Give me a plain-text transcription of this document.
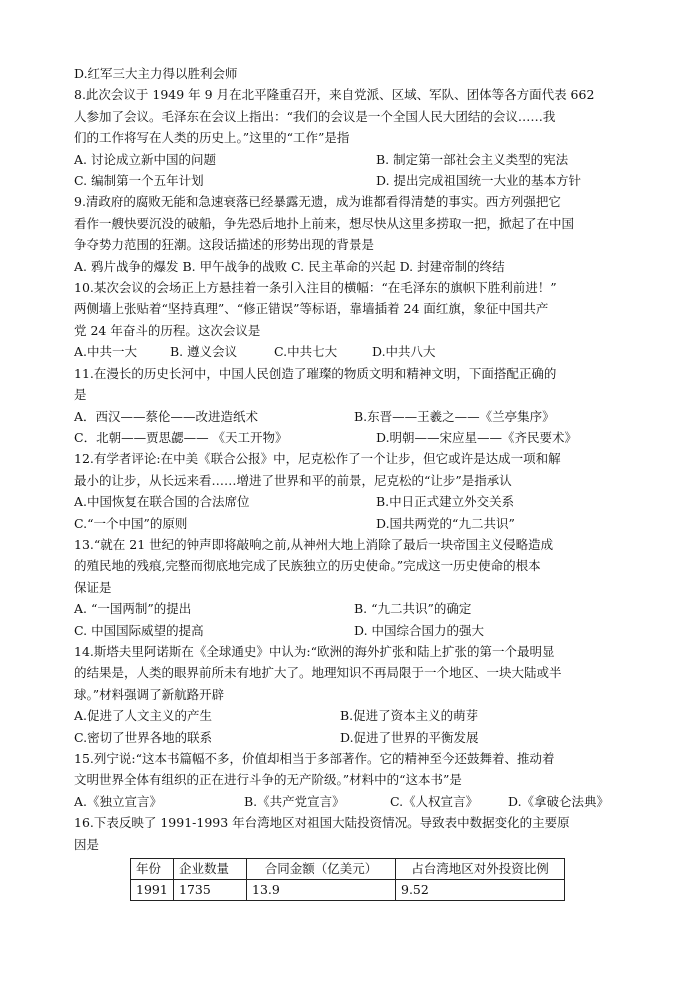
D.红军三大主力得以胜利会师
8.此次会议于 1949 年 9 月在北平隆重召开，来自党派、区域、军队、团体等各方面代表 662
人参加了会议。毛泽东在会议上指出：“我们的会议是一个全国人民大团结的会议……我
们的工作将写在人类的历史上。”这里的“工作”是指
A. 讨论成立新中国的问题	B. 制定第一部社会主义类型的宪法
C. 编制第一个五年计划	D. 提出完成祖国统一大业的基本方针
9.清政府的腐败无能和急速衰落已经暴露无遗，成为谁都看得清楚的事实。西方列强把它
看作一艘快要沉没的破船，争先恐后地扑上前来，想尽快从这里多捞取一把，掀起了在中国
争夺势力范围的狂潮。这段话描述的形势出现的背景是
A. 鸦片战争的爆发 B. 甲午战争的战败 C. 民主革命的兴起 D. 封建帝制的终结
10.某次会议的会场正上方悬挂着一条引入注目的横幅：“在毛泽东的旗帜下胜利前进！”
两侧墙上张贴着“坚持真理”、“修正错误”等标语，靠墙插着 24 面红旗，象征中国共产
党 24 年奋斗的历程。这次会议是
A.中共一大	B. 遵义会议	C.中共七大	D.中共八大
11.在漫长的历史长河中，中国人民创造了璀璨的物质文明和精神文明，下面搭配正确的
是
A．西汉——蔡伦——改进造纸术	B.东晋——王羲之——《兰亭集序》
C．北朝——贾思勰—— 《天工开物》	D.明朝——宋应星——《齐民要术》
12.有学者评论:在中美《联合公报》中，尼克松作了一个让步，但它或许是达成一项和解
最小的让步，从长远来看……增进了世界和平的前景，尼克松的“让步”是指承认
A.中国恢复在联合国的合法席位	B.中日正式建立外交关系
C.“一个中国”的原则	D.国共两党的“九二共识”
13.“就在 21 世纪的钟声即将敲响之前,从神州大地上消除了最后一块帝国主义侵略造成
的殖民地的残痕,完整而彻底地完成了民族独立的历史使命。”完成这一历史使命的根本
保证是
A. “一国两制”的提出	B. “九二共识”的确定
C. 中国国际威望的提高	D. 中国综合国力的强大
14.斯塔夫里阿诺斯在《全球通史》中认为:“欧洲的海外扩张和陆上扩张的第一个最明显
的结果是，人类的眼界前所未有地扩大了。地理知识不再局限于一个地区、一块大陆或半
球。”材料强调了新航路开辟
A.促进了人文主义的产生	B.促进了资本主义的萌芽
C.密切了世界各地的联系	D.促进了世界的平衡发展
15.列宁说:“这本书篇幅不多，价值却相当于多部著作。它的精神至今还鼓舞着、推动着
文明世界全体有组织的正在进行斗争的无产阶级。”材料中的“这本书”是
A.《独立宣言》	B.《共产党宣言》	C.《人权宣言》	D.《拿破仑法典》
16.下表反映了 1991-1993 年台湾地区对祖国大陆投资情况。导致表中数据变化的主要原
因是
年份	企业数量	合同金额（亿美元）	占台湾地区对外投资比例
1991	1735	13.9	9.52
